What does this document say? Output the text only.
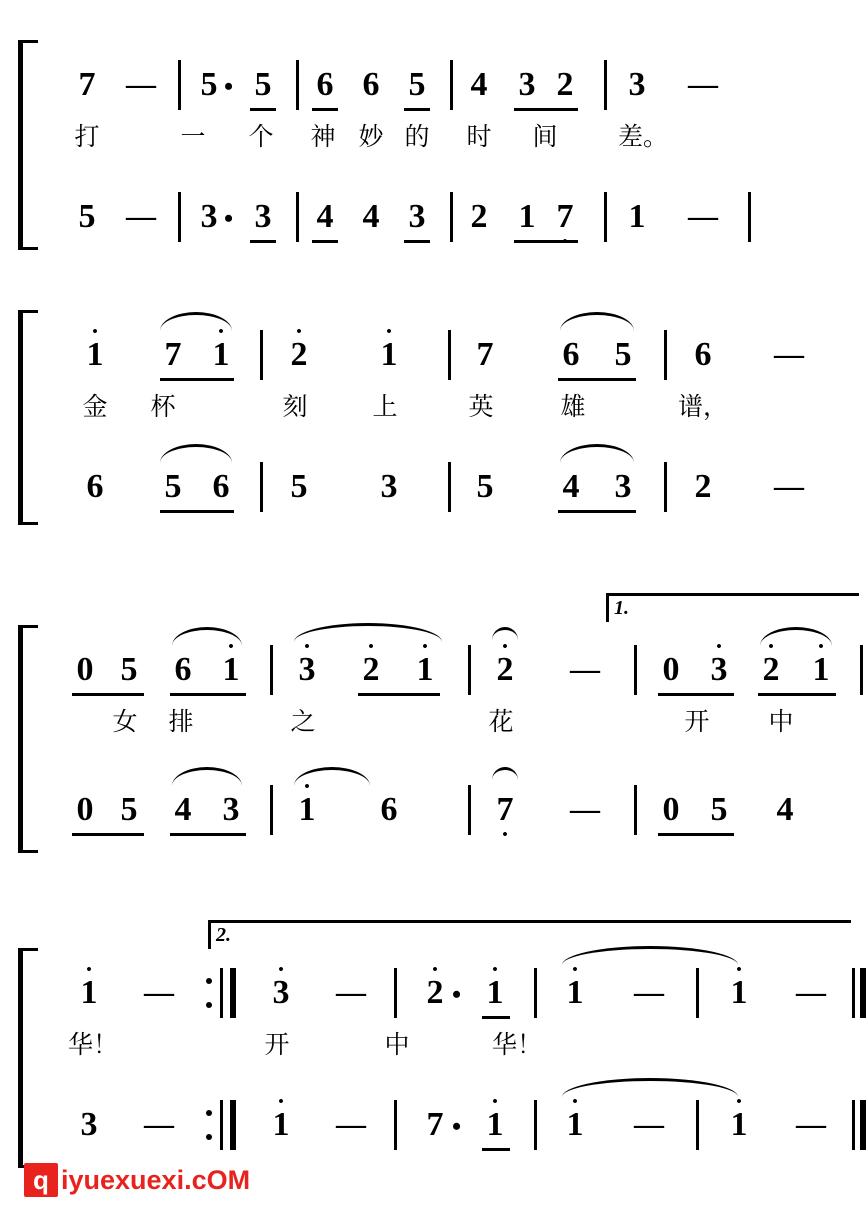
7 — 5 • 5 6 6 5 4 3 2 3 —
打	一 个 神 妙 的 时 间 差。
5 — 3 • 3 4 4 3 2 1 7 • 1 —
• 1 7 • 1 • 2 • 1 7 6 5 6 —
金 杯	刻	上	英	雄	谱，
6 5 6 5 3 5 4 3 2 —
1.
0 5 6 • 1 • 3 • 2 • 1 • 2 — 0 • 3 • 2 • 1
女 排	之	花	开 中
0 5 4 3 • 1 6	7 • — 0 5 4
2.
• 1 —	• 3 — • 2 • • 1 • 1 — • 1 —
华！	开	中	华！
3 —	• 1 — 7 • • 1 • 1 — • 1 —
q iyuexuexi.cOM
